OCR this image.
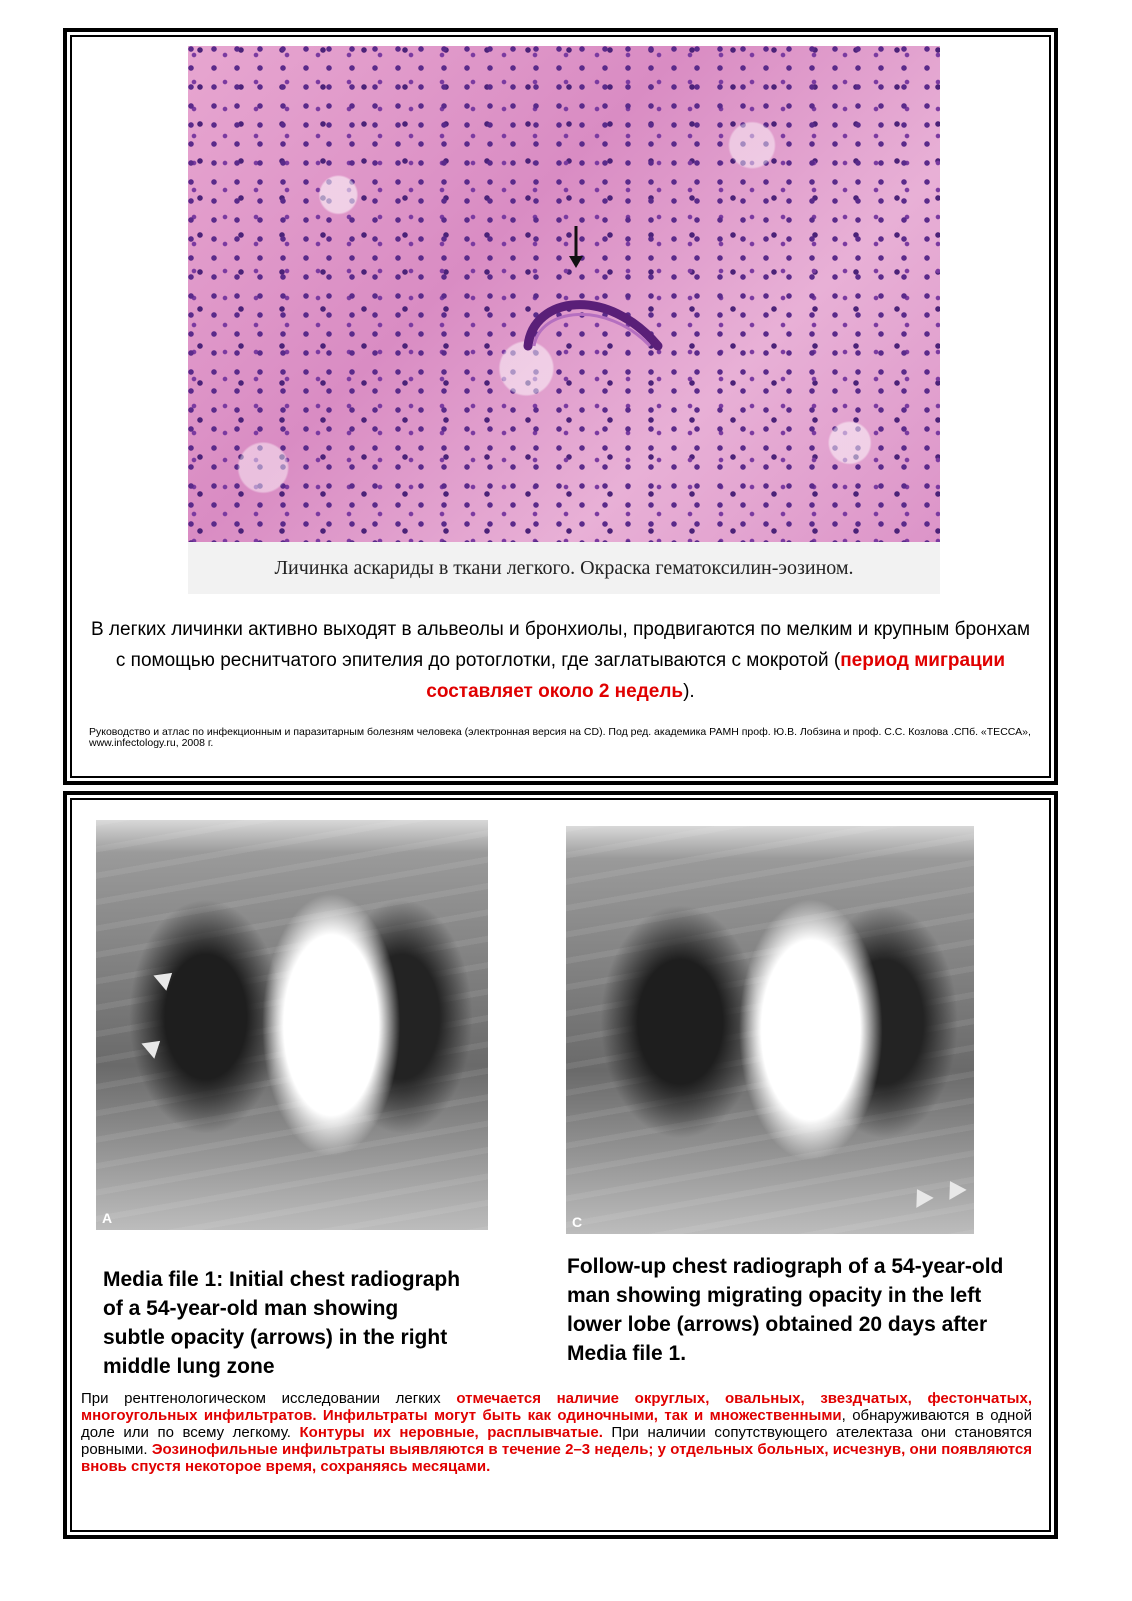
Личинка аскариды в ткани легкого. Окраска гематоксилин-эозином.
В легких личинки активно выходят в альвеолы и бронхиолы, продвигаются по мелким и крупным бронхам с помощью реснитчатого эпителия до ротоглотки, где заглатываются с мокротой (период миграции составляет около 2 недель).
Руководство и атлас по инфекционным и паразитарным болезням человека (электронная версия на CD). Под ред. академика РАМН проф. Ю.В. Лобзина и проф. С.С. Козлова .СПб. «ТЕССА», www.infectology.ru, 2008 г.
A	C
Media file 1: Initial chest radiograph of a 54-year-old man showing subtle opacity (arrows) in the right middle lung zone
Follow-up chest radiograph of a 54-year-old man showing migrating opacity in the left lower lobe (arrows) obtained 20 days after Media file 1.
При рентгенологическом исследовании легких отмечается наличие округлых, овальных, звездчатых, фестончатых, многоугольных инфильтратов. Инфильтраты могут быть как одиночными, так и множественными, обнаруживаются в одной доле или по всему легкому. Контуры их неровные, расплывчатые. При наличии сопутствующего ателектаза они становятся ровными. Эозинофильные инфильтраты выявляются в течение 2–3 недель; у отдельных больных, исчезнув, они появляются вновь спустя некоторое время, сохраняясь месяцами.
